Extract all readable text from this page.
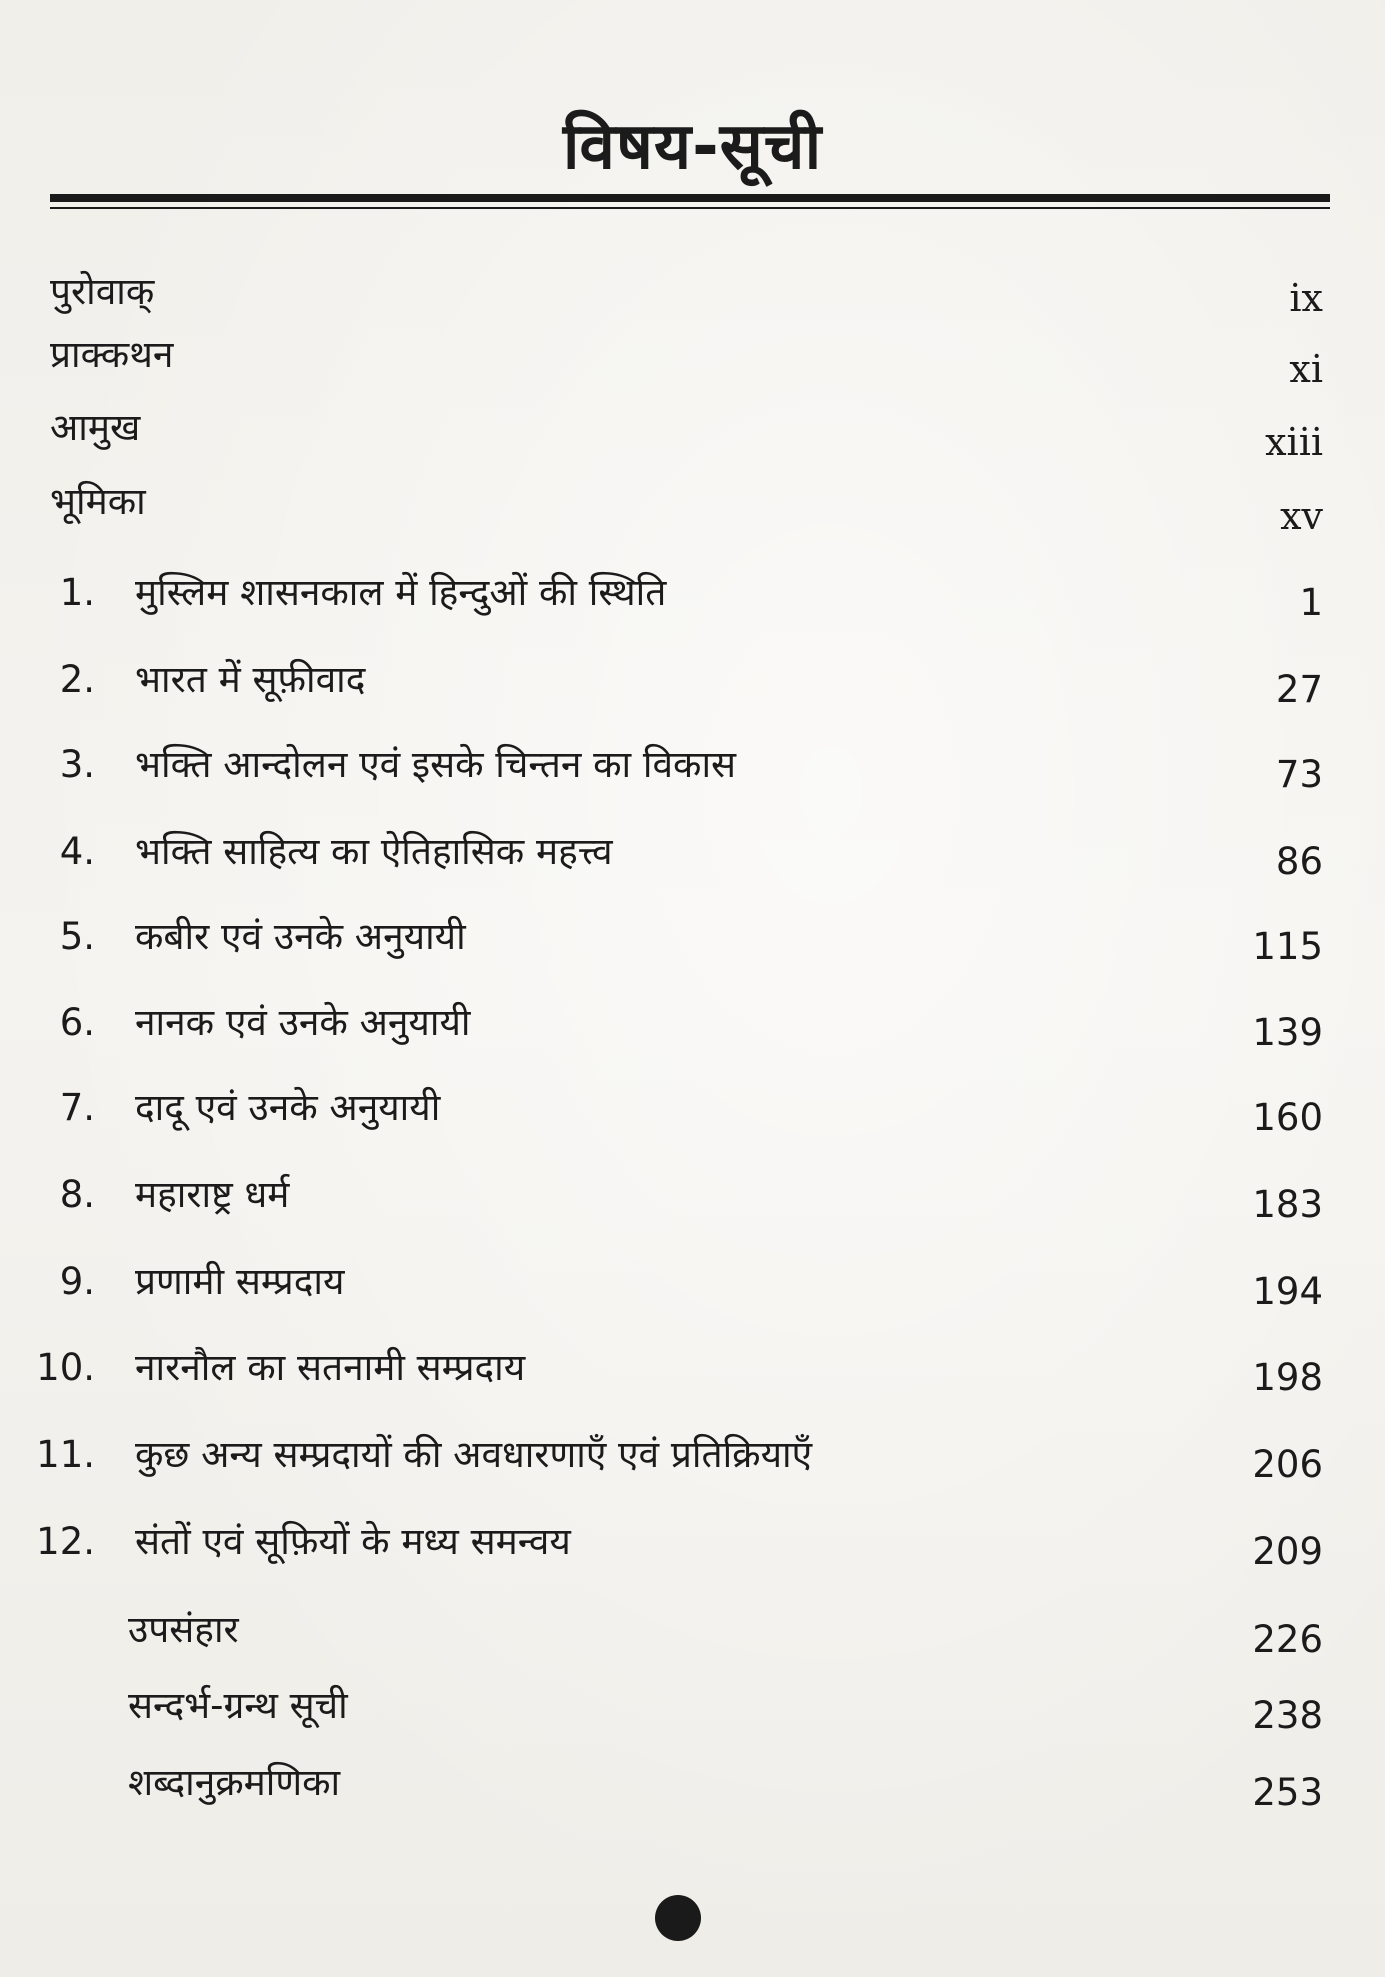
विषय-सूची
पुरोवाक्	ix
प्राक्कथन	xi
आमुख	xiii
भूमिका	xv
1. मुस्लिम शासनकाल में हिन्दुओं की स्थिति	1
2. भारत में सूफ़ीवाद	27
3. भक्ति आन्दोलन एवं इसके चिन्तन का विकास	73
4. भक्ति साहित्य का ऐतिहासिक महत्त्व	86
5. कबीर एवं उनके अनुयायी	115
6. नानक एवं उनके अनुयायी	139
7. दादू एवं उनके अनुयायी	160
8. महाराष्ट्र धर्म	183
9. प्रणामी सम्प्रदाय	194
10. नारनौल का सतनामी सम्प्रदाय	198
11. कुछ अन्य सम्प्रदायों की अवधारणाएँ एवं प्रतिक्रियाएँ	206
12. संतों एवं सूफ़ियों के मध्य समन्वय	209
उपसंहार	226
सन्दर्भ-ग्रन्थ सूची	238
शब्दानुक्रमणिका	253
